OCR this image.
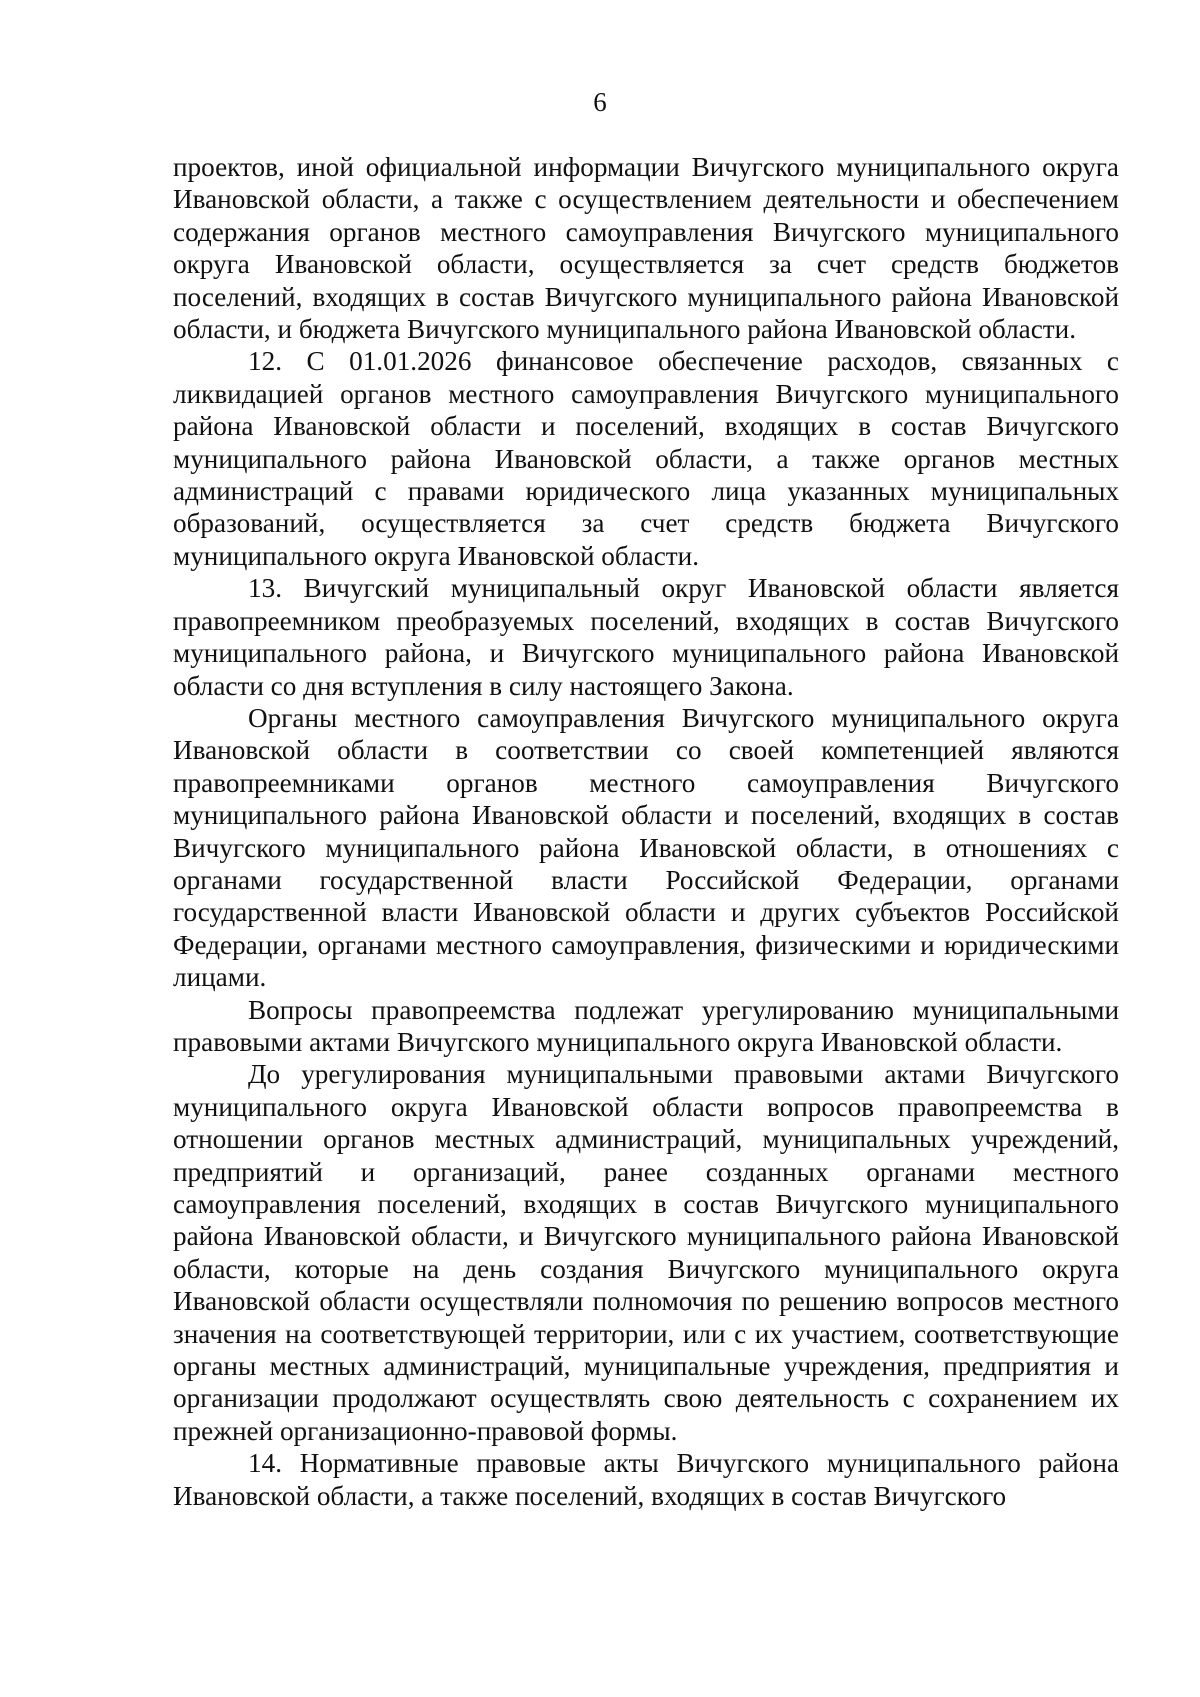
6

проектов, иной официальной информации Вичугского муниципального округа Ивановской области, а также с осуществлением деятельности и обеспечением содержания органов местного самоуправления Вичугского муниципального округа Ивановской области, осуществляется за счет средств бюджетов поселений, входящих в состав Вичугского муниципального района Ивановской области, и бюджета Вичугского муниципального района Ивановской области.

12. С 01.01.2026 финансовое обеспечение расходов, связанных с ликвидацией органов местного самоуправления Вичугского муниципального района Ивановской области и поселений, входящих в состав Вичугского муниципального района Ивановской области, а также органов местных администраций с правами юридического лица указанных муниципальных образований, осуществляется за счет средств бюджета Вичугского муниципального округа Ивановской области.

13. Вичугский муниципальный округ Ивановской области является правопреемником преобразуемых поселений, входящих в состав Вичугского муниципального района, и Вичугского муниципального района Ивановской области со дня вступления в силу настоящего Закона.

Органы местного самоуправления Вичугского муниципального округа Ивановской области в соответствии со своей компетенцией являются правопреемниками органов местного самоуправления Вичугского муниципального района Ивановской области и поселений, входящих в состав Вичугского муниципального района Ивановской области, в отношениях с органами государственной власти Российской Федерации, органами государственной власти Ивановской области и других субъектов Российской Федерации, органами местного самоуправления, физическими и юридическими лицами.

Вопросы правопреемства подлежат урегулированию муниципальными правовыми актами Вичугского муниципального округа Ивановской области.

До урегулирования муниципальными правовыми актами Вичугского муниципального округа Ивановской области вопросов правопреемства в отношении органов местных администраций, муниципальных учреждений, предприятий и организаций, ранее созданных органами местного самоуправления поселений, входящих в состав Вичугского муниципального района Ивановской области, и Вичугского муниципального района Ивановской области, которые на день создания Вичугского муниципального округа Ивановской области осуществляли полномочия по решению вопросов местного значения на соответствующей территории, или с их участием, соответствующие органы местных администраций, муниципальные учреждения, предприятия и организации продолжают осуществлять свою деятельность с сохранением их прежней организационно-правовой формы.

14. Нормативные правовые акты Вичугского муниципального района Ивановской области, а также поселений, входящих в состав Вичугского
